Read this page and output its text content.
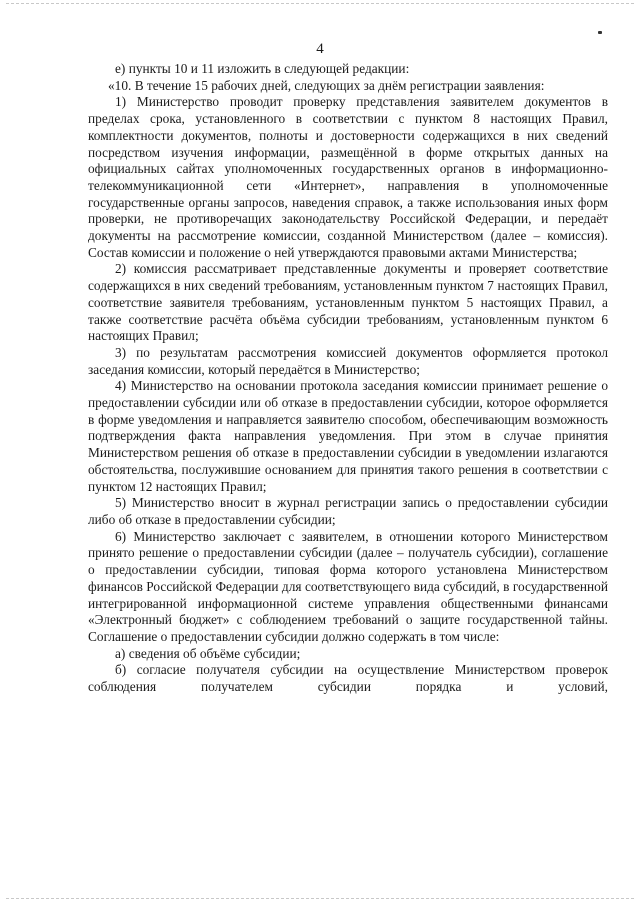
4

е) пункты 10 и 11 изложить в следующей редакции:

«10. В течение 15 рабочих дней, следующих за днём регистрации заявления:

1) Министерство проводит проверку представления заявителем документов в пределах срока, установленного в соответствии с пунктом 8 настоящих Правил, комплектности документов, полноты и достоверности содержащихся в них сведений посредством изучения информации, размещённой в форме открытых данных на официальных сайтах уполномоченных государственных органов в информационно-телекоммуникационной сети «Интернет», направления в уполномоченные государственные органы запросов, наведения справок, а также использования иных форм проверки, не противоречащих законодательству Российской Федерации, и передаёт документы на рассмотрение комиссии, созданной Министерством (далее – комиссия). Состав комиссии и положение о ней утверждаются правовыми актами Министерства;

2) комиссия рассматривает представленные документы и проверяет соответствие содержащихся в них сведений требованиям, установленным пунктом 7 настоящих Правил, соответствие заявителя требованиям, установленным пунктом 5 настоящих Правил, а также соответствие расчёта объёма субсидии требованиям, установленным пунктом 6 настоящих Правил;

3) по результатам рассмотрения комиссией документов оформляется протокол заседания комиссии, который передаётся в Министерство;

4) Министерство на основании протокола заседания комиссии принимает решение о предоставлении субсидии или об отказе в предоставлении субсидии, которое оформляется в форме уведомления и направляется заявителю способом, обеспечивающим возможность подтверждения факта направления уведомления. При этом в случае принятия Министерством решения об отказе в предоставлении субсидии в уведомлении излагаются обстоятельства, послужившие основанием для принятия такого решения в соответствии с пунктом 12 настоящих Правил;

5) Министерство вносит в журнал регистрации запись о предоставлении субсидии либо об отказе в предоставлении субсидии;

6) Министерство заключает с заявителем, в отношении которого Министерством принято решение о предоставлении субсидии (далее – получатель субсидии), соглашение о предоставлении субсидии, типовая форма которого установлена Министерством финансов Российской Федерации для соответствующего вида субсидий, в государственной интегрированной информационной системе управления общественными финансами «Электронный бюджет» с соблюдением требований о защите государственной тайны. Соглашение о предоставлении субсидии должно содержать в том числе:

а) сведения об объёме субсидии;

б) согласие получателя субсидии на осуществление Министерством проверок соблюдения получателем субсидии порядка и условий,
